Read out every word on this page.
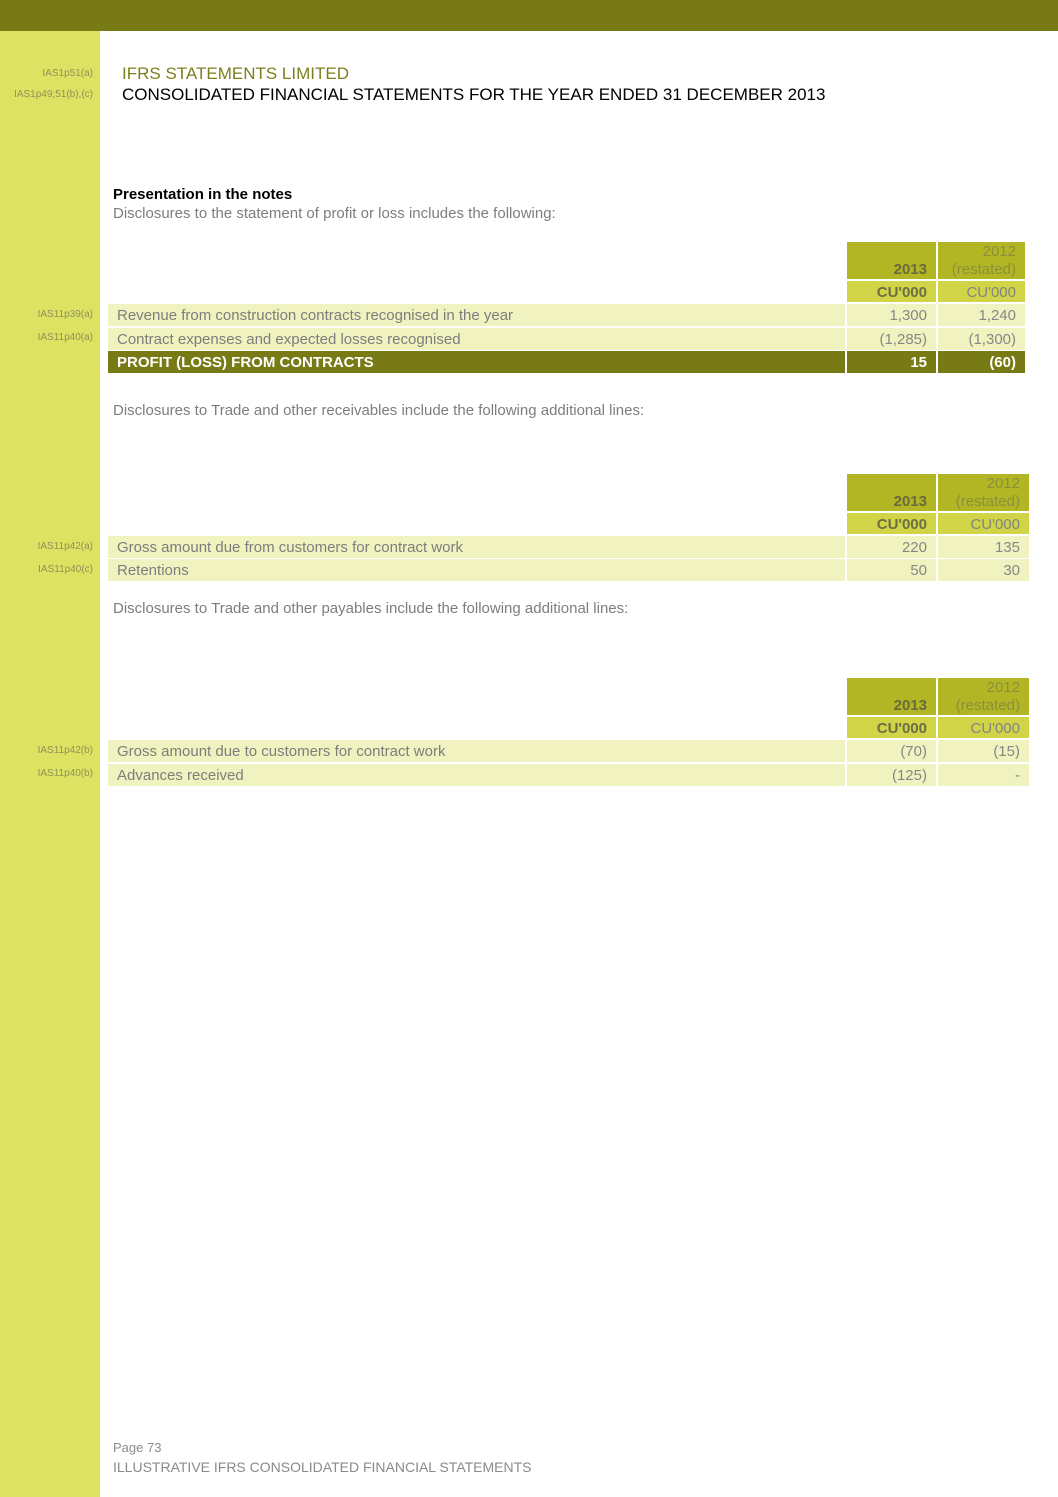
IAS1p51(a)
IAS1p49;51(b),(c)
IFRS STATEMENTS LIMITED
CONSOLIDATED FINANCIAL STATEMENTS FOR THE YEAR ENDED 31 DECEMBER 2013
Presentation in the notes
Disclosures to the statement of profit or loss includes the following:
2013
2012
(restated)
CU'000	CU'000
Revenue from construction contracts recognised in the year	1,300	1,240
Contract expenses and expected losses recognised	(1,285)	(1,300)
PROFIT (LOSS) FROM CONTRACTS	15	(60)
IAS11p39(a)
IAS11p40(a)
Disclosures to Trade and other receivables include the following additional lines:
2013
2012
(restated)
CU'000	CU'000
Gross amount due from customers for contract work	220	135
Retentions	50	30
IAS11p42(a)
IAS11p40(c)
Disclosures to Trade and other payables include the following additional lines:
2013
2012
(restated)
CU'000	CU'000
Gross amount due to customers for contract work	(70)	(15)
Advances received	(125)	-
IAS11p42(b)
IAS11p40(b)
Page 73
ILLUSTRATIVE IFRS CONSOLIDATED FINANCIAL STATEMENTS
